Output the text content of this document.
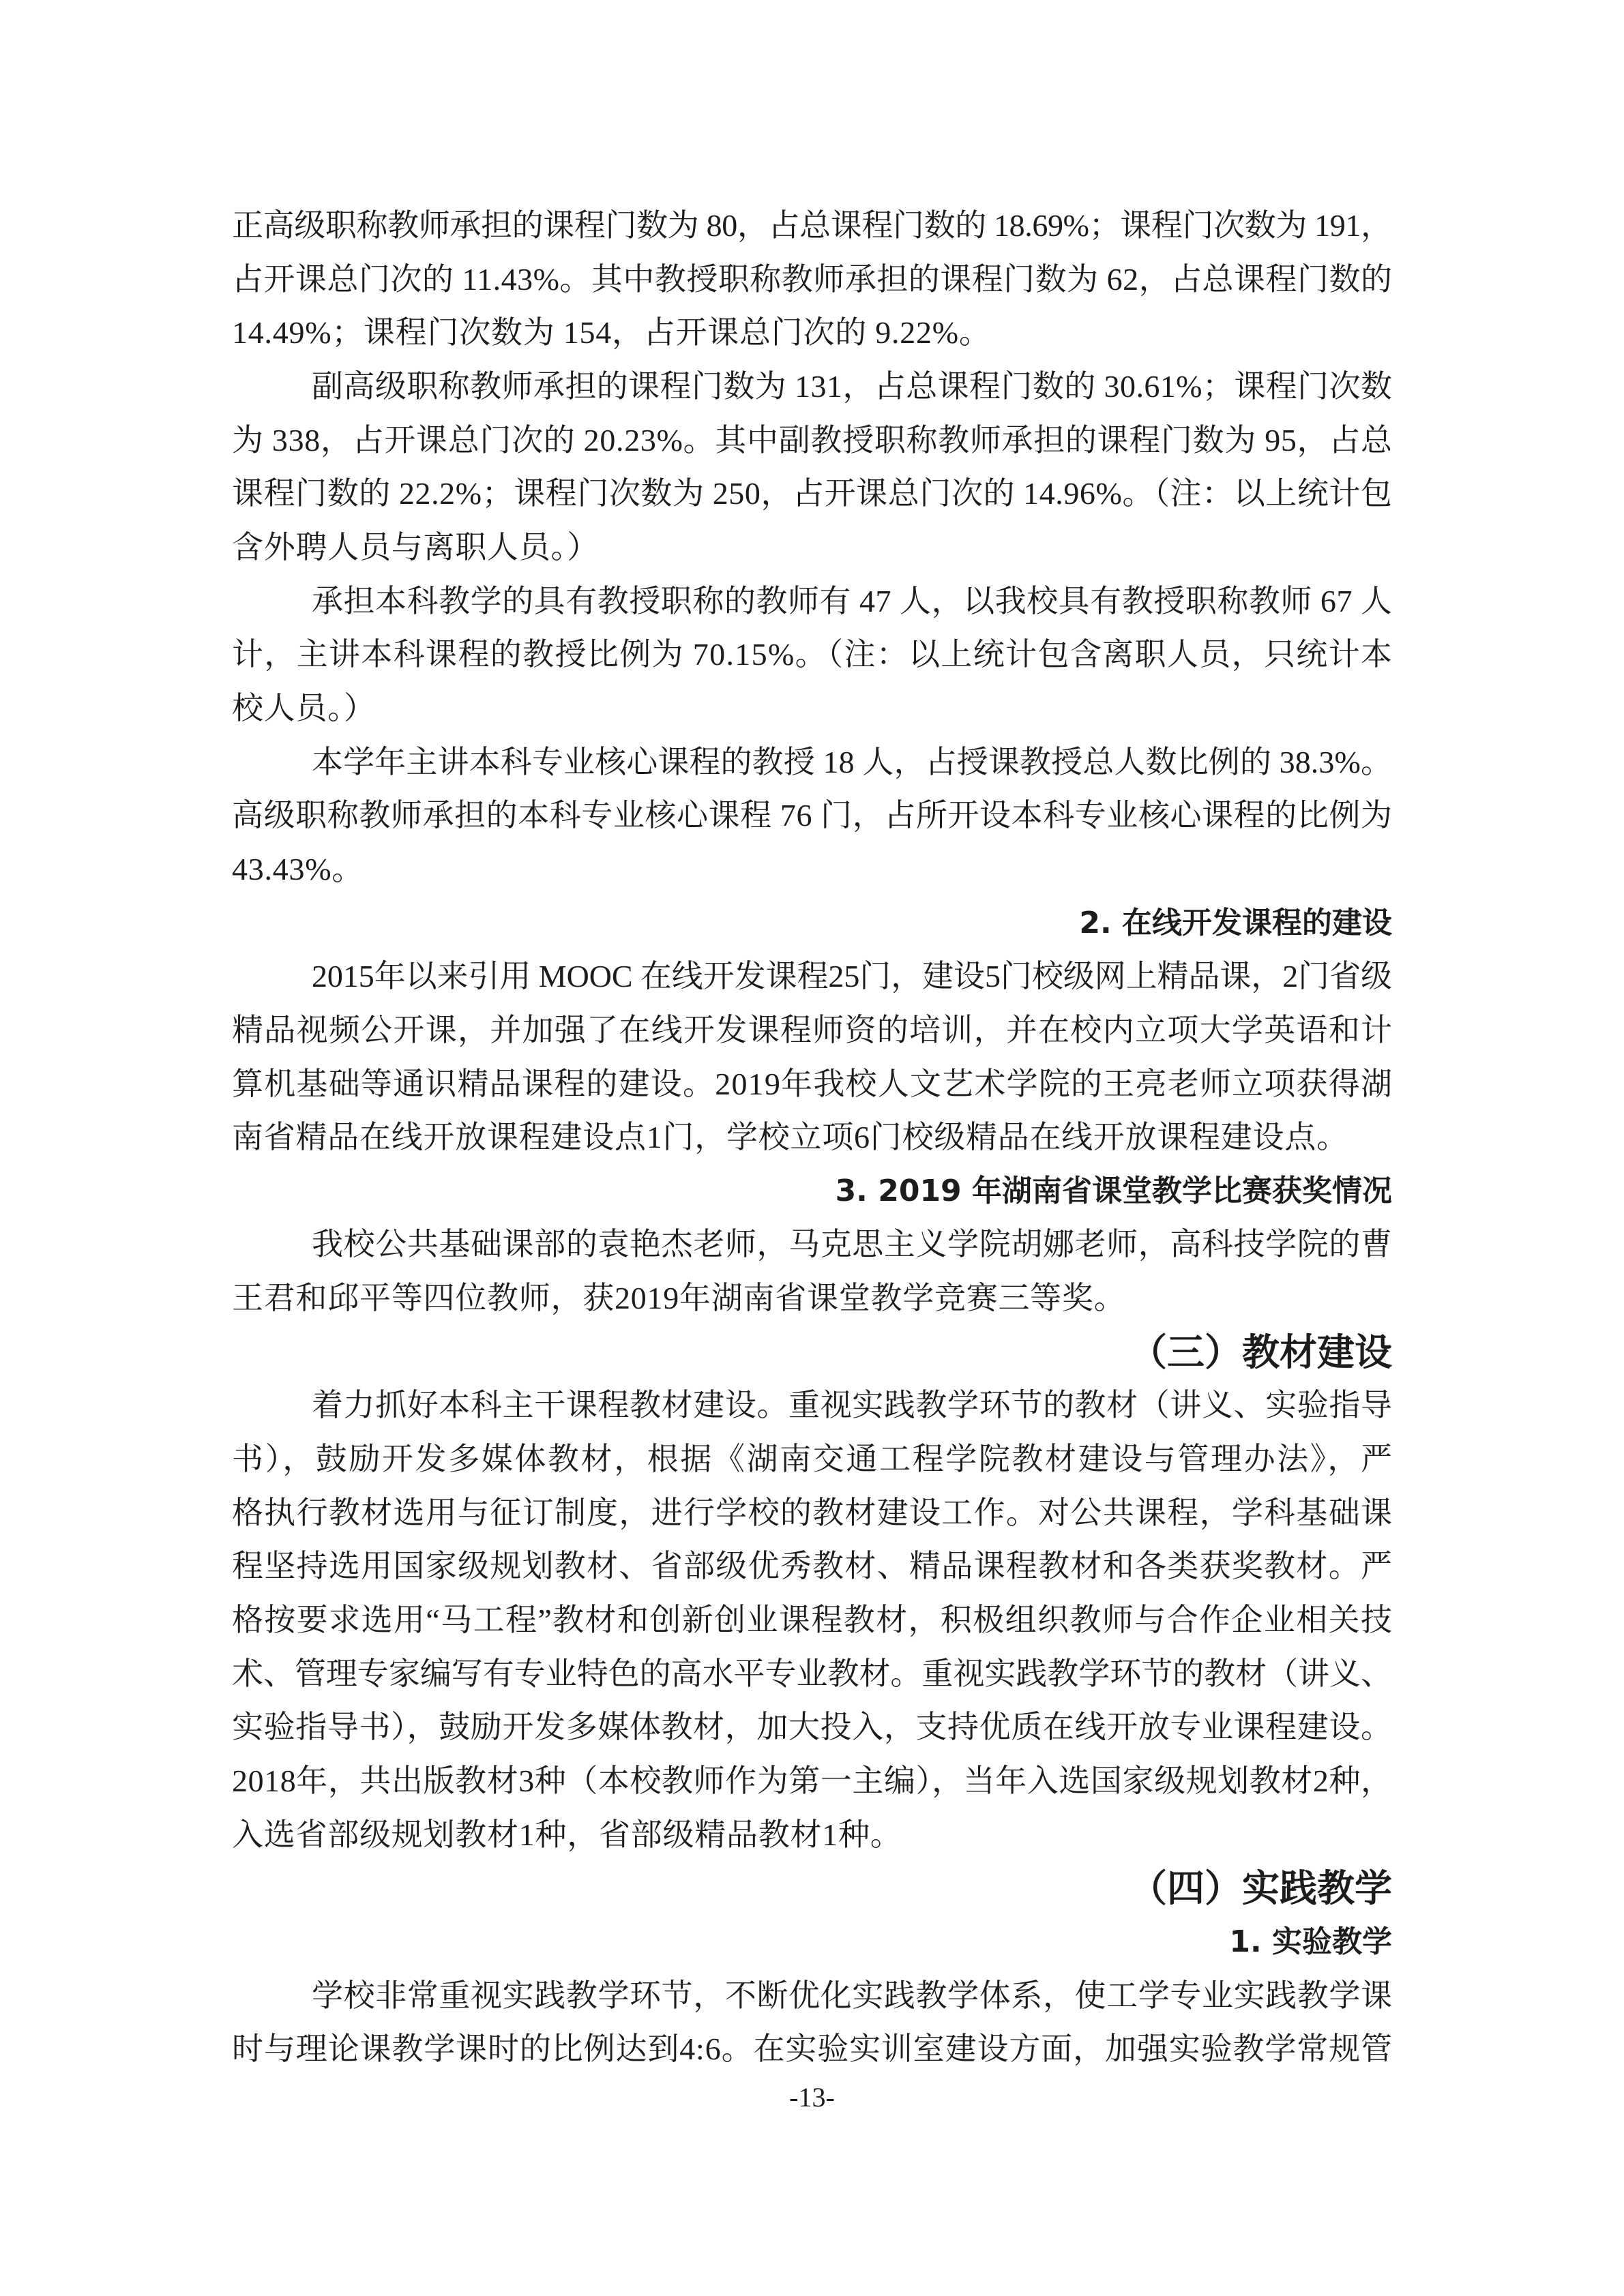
正高级职称教师承担的课程门数为 80，占总课程门数的 18.69%；课程门次数为 191，
占开课总门次的 11.43%。其中教授职称教师承担的课程门数为 62，占总课程门数的
14.49%；课程门次数为 154，占开课总门次的 9.22%。
副高级职称教师承担的课程门数为 131，占总课程门数的 30.61%；课程门次数
为 338，占开课总门次的 20.23%。其中副教授职称教师承担的课程门数为 95，占总
课程门数的 22.2%；课程门次数为 250，占开课总门次的 14.96%。（注：以上统计包
含外聘人员与离职人员。）
承担本科教学的具有教授职称的教师有 47 人，以我校具有教授职称教师 67 人
计，主讲本科课程的教授比例为 70.15%。（注：以上统计包含离职人员，只统计本
校人员。）
本学年主讲本科专业核心课程的教授 18 人，占授课教授总人数比例的 38.3%。
高级职称教师承担的本科专业核心课程 76 门，占所开设本科专业核心课程的比例为
43.43%。
2. 在线开发课程的建设
2015年以来引用 MOOC 在线开发课程25门，建设5门校级网上精品课，2门省级
精品视频公开课，并加强了在线开发课程师资的培训，并在校内立项大学英语和计
算机基础等通识精品课程的建设。2019年我校人文艺术学院的王亮老师立项获得湖
南省精品在线开放课程建设点1门，学校立项6门校级精品在线开放课程建设点。
3. 2019 年湖南省课堂教学比赛获奖情况
我校公共基础课部的袁艳杰老师，马克思主义学院胡娜老师，高科技学院的曹
王君和邱平等四位教师，获2019年湖南省课堂教学竞赛三等奖。
（三）教材建设
着力抓好本科主干课程教材建设。重视实践教学环节的教材（讲义、实验指导
书），鼓励开发多媒体教材，根据《湖南交通工程学院教材建设与管理办法》，严
格执行教材选用与征订制度，进行学校的教材建设工作。对公共课程，学科基础课
程坚持选用国家级规划教材、省部级优秀教材、精品课程教材和各类获奖教材。严
格按要求选用“马工程”教材和创新创业课程教材，积极组织教师与合作企业相关技
术、管理专家编写有专业特色的高水平专业教材。重视实践教学环节的教材（讲义、
实验指导书），鼓励开发多媒体教材，加大投入，支持优质在线开放专业课程建设。
2018年，共出版教材3种（本校教师作为第一主编），当年入选国家级规划教材2种，
入选省部级规划教材1种，省部级精品教材1种。
（四）实践教学
1. 实验教学
学校非常重视实践教学环节，不断优化实践教学体系，使工学专业实践教学课
时与理论课教学课时的比例达到4:6。在实验实训室建设方面，加强实验教学常规管
-13-
